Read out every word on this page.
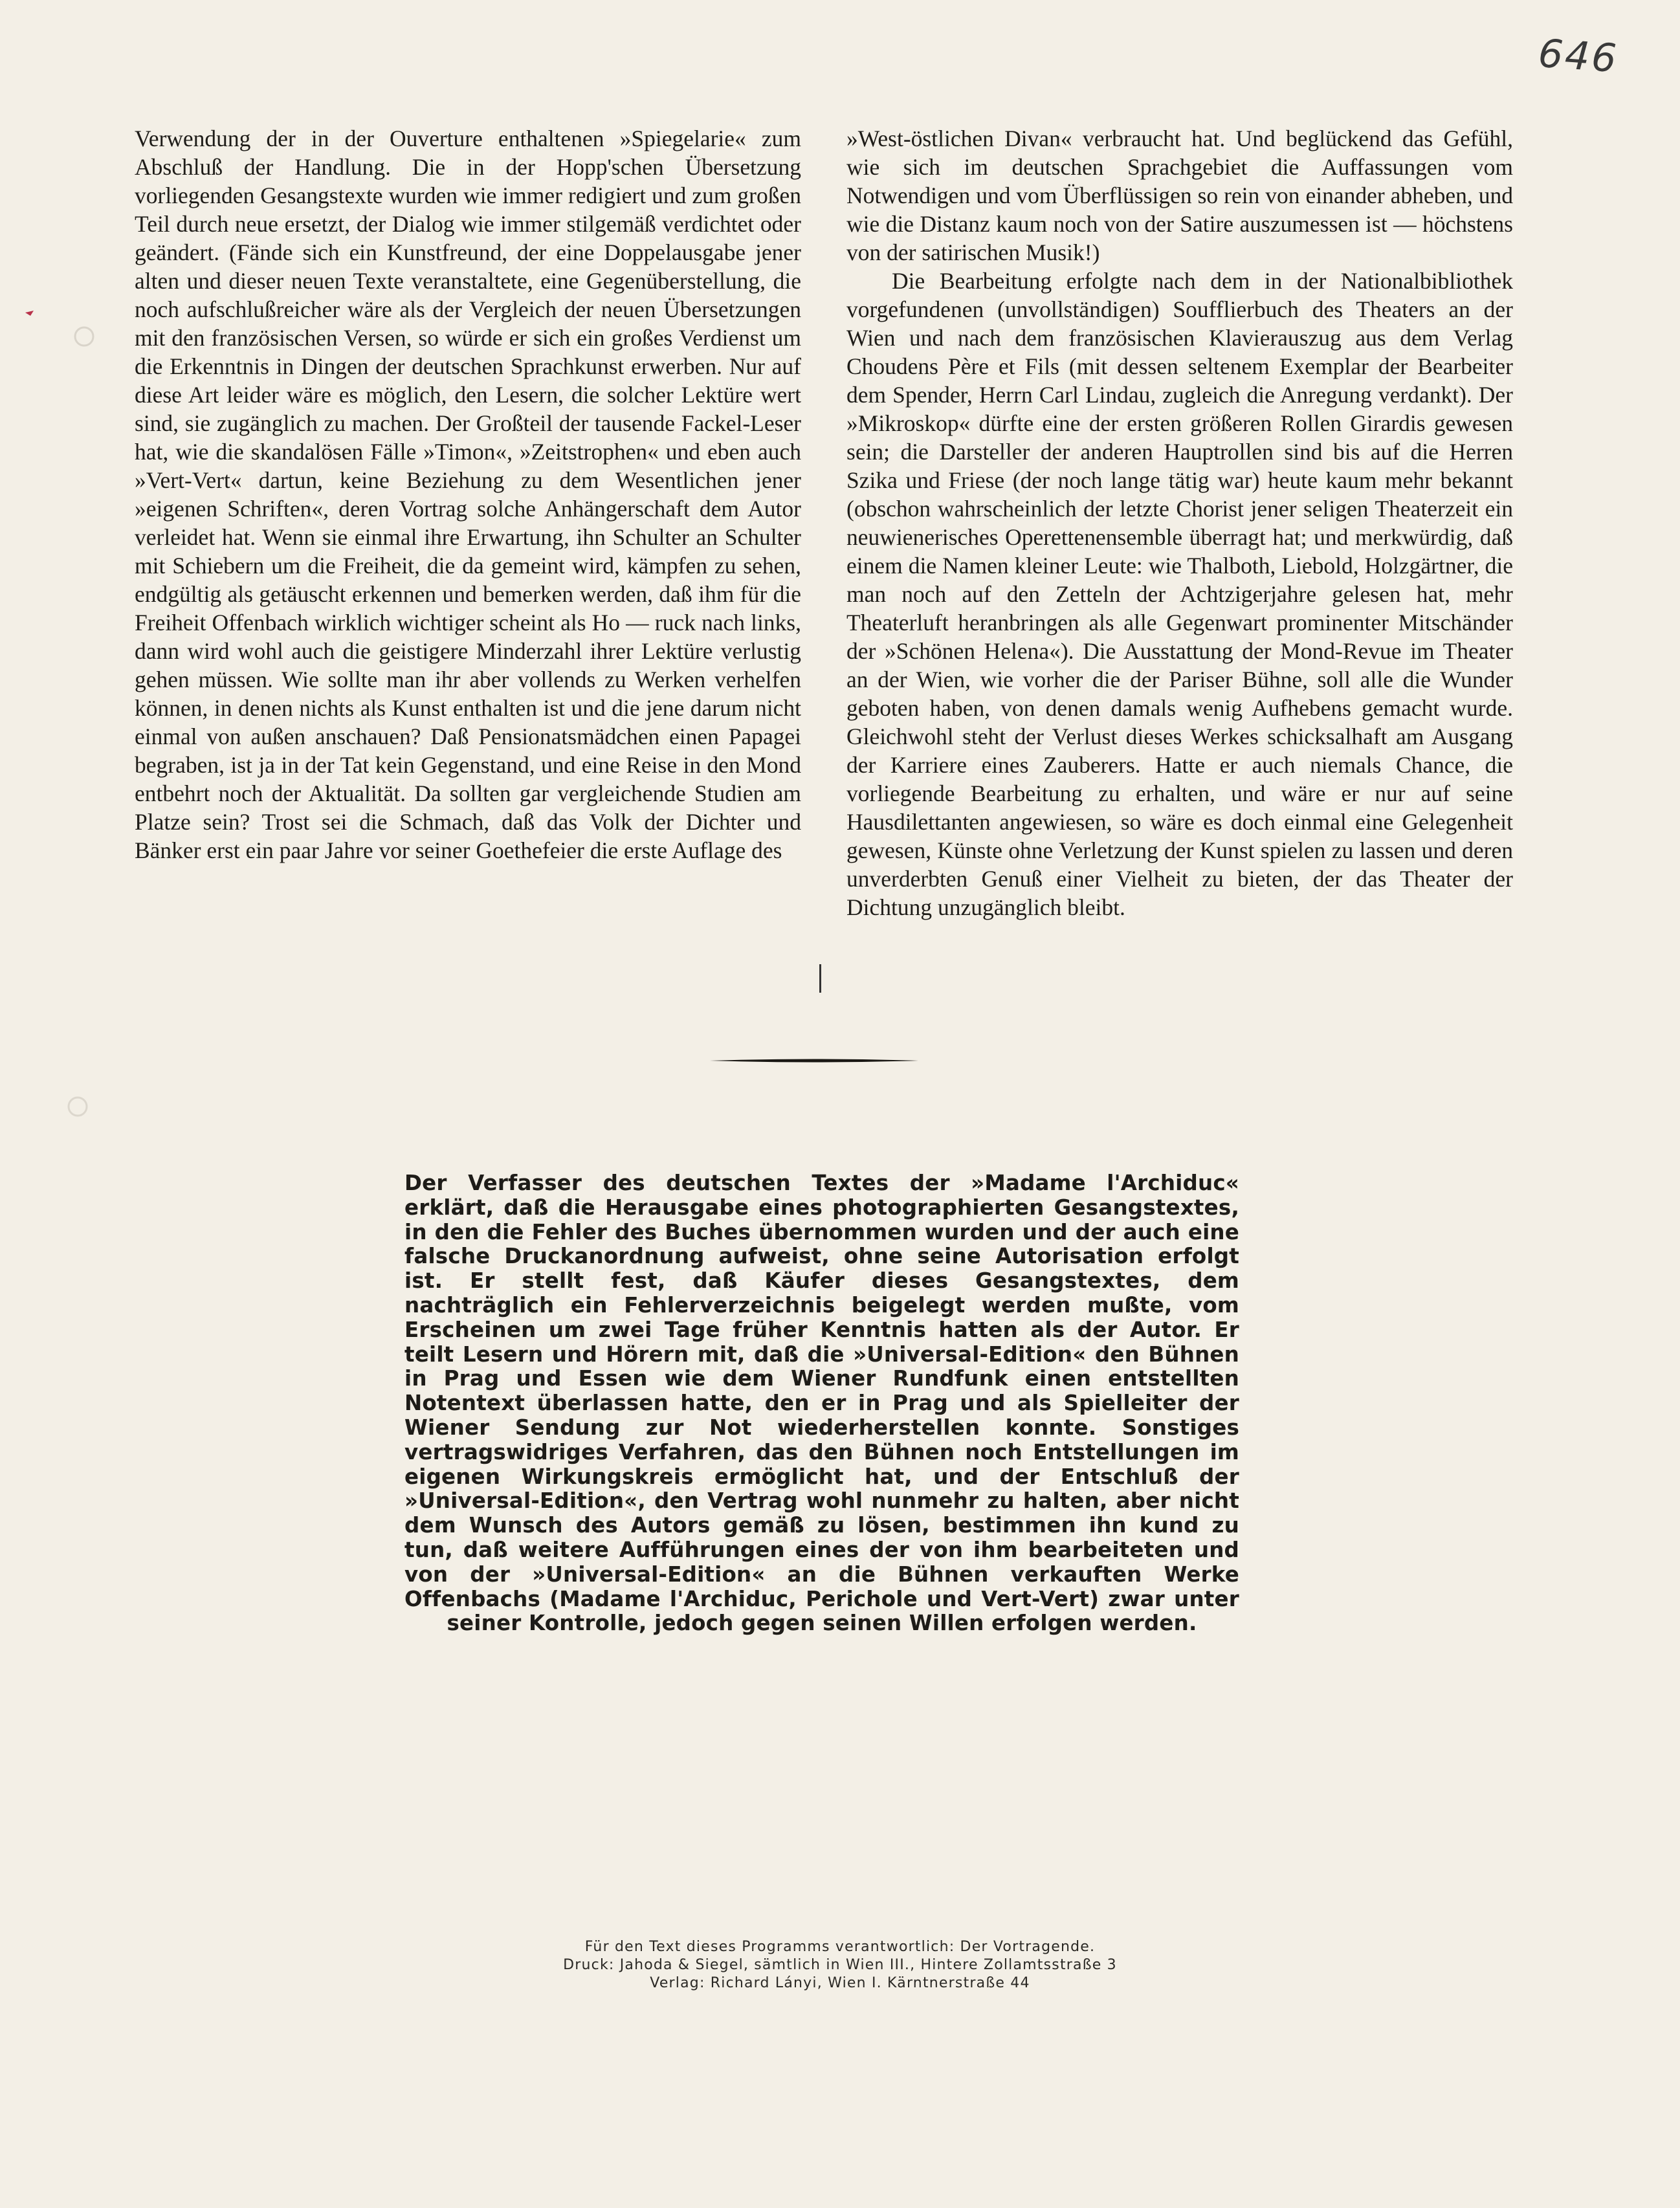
646

Verwendung der in der Ouverture enthaltenen »Spiegelarie« zum Abschluß der Handlung. Die in der Hopp'schen Übersetzung vorliegenden Gesangstexte wurden wie immer redigiert und zum großen Teil durch neue ersetzt, der Dialog wie immer stilgemäß verdichtet oder geändert. (Fände sich ein Kunstfreund, der eine Doppelausgabe jener alten und dieser neuen Texte veranstaltete, eine Gegenüberstellung, die noch aufschlußreicher wäre als der Vergleich der neuen Übersetzungen mit den französischen Versen, so würde er sich ein großes Verdienst um die Erkenntnis in Dingen der deutschen Sprachkunst erwerben. Nur auf diese Art leider wäre es möglich, den Lesern, die solcher Lektüre wert sind, sie zugänglich zu machen. Der Großteil der tausende Fackel-Leser hat, wie die skandalösen Fälle »Timon«, »Zeitstrophen« und eben auch »Vert-Vert« dartun, keine Beziehung zu dem Wesentlichen jener »eigenen Schriften«, deren Vortrag solche Anhängerschaft dem Autor verleidet hat. Wenn sie einmal ihre Erwartung, ihn Schulter an Schulter mit Schiebern um die Freiheit, die da gemeint wird, kämpfen zu sehen, endgültig als getäuscht erkennen und bemerken werden, daß ihm für die Freiheit Offenbach wirklich wichtiger scheint als Ho — ruck nach links, dann wird wohl auch die geistigere Minderzahl ihrer Lektüre verlustig gehen müssen. Wie sollte man ihr aber vollends zu Werken verhelfen können, in denen nichts als Kunst enthalten ist und die jene darum nicht einmal von außen anschauen? Daß Pensionatsmädchen einen Papagei begraben, ist ja in der Tat kein Gegenstand, und eine Reise in den Mond entbehrt noch der Aktualität. Da sollten gar vergleichende Studien am Platze sein? Trost sei die Schmach, daß das Volk der Dichter und Bänker erst ein paar Jahre vor seiner Goethefeier die erste Auflage des

»West-östlichen Divan« verbraucht hat. Und beglückend das Gefühl, wie sich im deutschen Sprachgebiet die Auffassungen vom Notwendigen und vom Überflüssigen so rein von einander abheben, und wie die Distanz kaum noch von der Satire auszumessen ist — höchstens von der satirischen Musik!)

Die Bearbeitung erfolgte nach dem in der Nationalbibliothek vorgefundenen (unvollständigen) Soufflierbuch des Theaters an der Wien und nach dem französischen Klavierauszug aus dem Verlag Choudens Père et Fils (mit dessen seltenem Exemplar der Bearbeiter dem Spender, Herrn Carl Lindau, zugleich die Anregung verdankt). Der »Mikroskop« dürfte eine der ersten größeren Rollen Girardis gewesen sein; die Darsteller der anderen Hauptrollen sind bis auf die Herren Szika und Friese (der noch lange tätig war) heute kaum mehr bekannt (obschon wahrscheinlich der letzte Chorist jener seligen Theaterzeit ein neuwienerisches Operettenensemble überragt hat; und merkwürdig, daß einem die Namen kleiner Leute: wie Thalboth, Liebold, Holzgärtner, die man noch auf den Zetteln der Achtzigerjahre gelesen hat, mehr Theaterluft heranbringen als alle Gegenwart prominenter Mitschänder der »Schönen Helena«). Die Ausstattung der Mond-Revue im Theater an der Wien, wie vorher die der Pariser Bühne, soll alle die Wunder geboten haben, von denen damals wenig Aufhebens gemacht wurde. Gleichwohl steht der Verlust dieses Werkes schicksalhaft am Ausgang der Karriere eines Zauberers. Hatte er auch niemals Chance, die vorliegende Bearbeitung zu erhalten, und wäre er nur auf seine Hausdilettanten angewiesen, so wäre es doch einmal eine Gelegenheit gewesen, Künste ohne Verletzung der Kunst spielen zu lassen und deren unverderbten Genuß einer Vielheit zu bieten, der das Theater der Dichtung unzugänglich bleibt.

Der Verfasser des deutschen Textes der »Madame l'Archiduc« erklärt, daß die Herausgabe eines photographierten Gesangstextes, in den die Fehler des Buches übernommen wurden und der auch eine falsche Druckanordnung aufweist, ohne seine Autorisation erfolgt ist. Er stellt fest, daß Käufer dieses Gesangstextes, dem nachträglich ein Fehlerverzeichnis beigelegt werden mußte, vom Erscheinen um zwei Tage früher Kenntnis hatten als der Autor. Er teilt Lesern und Hörern mit, daß die »Universal-Edition« den Bühnen in Prag und Essen wie dem Wiener Rundfunk einen entstellten Notentext überlassen hatte, den er in Prag und als Spielleiter der Wiener Sendung zur Not wiederherstellen konnte. Sonstiges vertragswidriges Verfahren, das den Bühnen noch Entstellungen im eigenen Wirkungskreis ermöglicht hat, und der Entschluß der »Universal-Edition«, den Vertrag wohl nunmehr zu halten, aber nicht dem Wunsch des Autors gemäß zu lösen, bestimmen ihn kund zu tun, daß weitere Aufführungen eines der von ihm bearbeiteten und von der »Universal-Edition« an die Bühnen verkauften Werke Offenbachs (Madame l'Archiduc, Perichole und Vert-Vert) zwar unter seiner Kontrolle, jedoch gegen seinen Willen erfolgen werden.

Für den Text dieses Programms verantwortlich: Der Vortragende.
Druck: Jahoda & Siegel, sämtlich in Wien III., Hintere Zollamtsstraße 3
Verlag: Richard Lányi, Wien I. Kärntnerstraße 44
